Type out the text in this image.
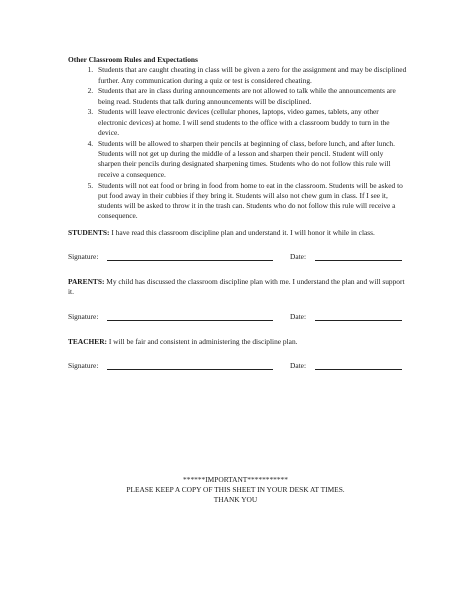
Other Classroom Rules and Expectations

1. Students that are caught cheating in class will be given a zero for the assignment and may be disciplined further. Any communication during a quiz or test is considered cheating.
2. Students that are in class during announcements are not allowed to talk while the announcements are being read. Students that talk during announcements will be disciplined.
3. Students will leave electronic devices (cellular phones, laptops, video games, tablets, any other electronic devices) at home. I will send students to the office with a classroom buddy to turn in the device.
4. Students will be allowed to sharpen their pencils at beginning of class, before lunch, and after lunch. Students will not get up during the middle of a lesson and sharpen their pencil. Student will only sharpen their pencils during designated sharpening times. Students who do not follow this rule will receive a consequence.
5. Students will not eat food or bring in food from home to eat in the classroom. Students will be asked to put food away in their cubbies if they bring it. Students will also not chew gum in class. If I see it, students will be asked to throw it in the trash can. Students who do not follow this rule will receive a consequence.
STUDENTS: I have read this classroom discipline plan and understand it. I will honor it while in class.
Signature:	Date:
PARENTS: My child has discussed the classroom discipline plan with me. I understand the plan and will support it.
Signature:	Date:
TEACHER: I will be fair and consistent in administering the discipline plan.
Signature:	Date:
******IMPORTANT***********
PLEASE KEEP A COPY OF THIS SHEET IN YOUR DESK AT TIMES.
THANK YOU
